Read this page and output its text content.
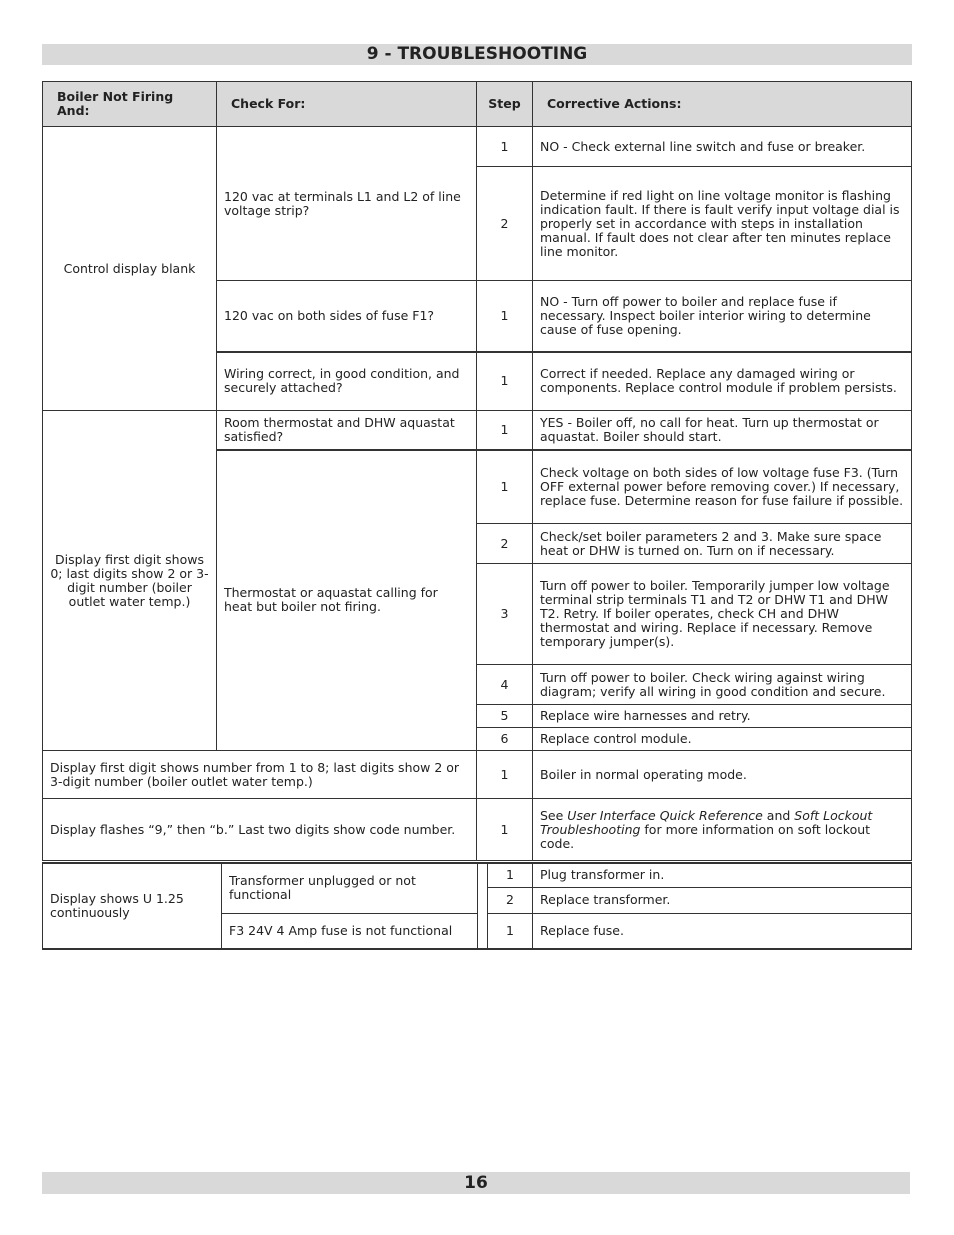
9 - TROUBLESHOOTING
Boiler Not Firing And:	Check For:	Step	Corrective Actions:
Control display blank	120 vac at terminals L1 and L2 of line voltage strip?	1	NO - Check external line switch and fuse or breaker.
		2	Determine if red light on line voltage monitor is flashing indication fault. If there is fault verify input voltage dial is properly set in accordance with steps in installation manual. If fault does not clear after ten minutes replace line monitor.
	120 vac on both sides of fuse F1?	1	NO - Turn off power to boiler and replace fuse if necessary. Inspect boiler interior wiring to determine cause of fuse opening.
	Wiring correct, in good condition, and securely attached?	1	Correct if needed. Replace any damaged wiring or components. Replace control module if problem persists.
Display first digit shows 0; last digits show 2 or 3-digit number (boiler outlet water temp.)	Room thermostat and DHW aquastat satisfied?	1	YES - Boiler off, no call for heat. Turn up thermostat or aquastat. Boiler should start.
	Thermostat or aquastat calling for heat but boiler not firing.	1	Check voltage on both sides of low voltage fuse F3. (Turn OFF external power before removing cover.) If necessary, replace fuse. Determine reason for fuse failure if possible.
		2	Check/set boiler parameters 2 and 3. Make sure space heat or DHW is turned on. Turn on if necessary.
		3	Turn off power to boiler. Temporarily jumper low voltage terminal strip terminals T1 and T2 or DHW T1 and DHW T2. Retry. If boiler operates, check CH and DHW thermostat and wiring. Replace if necessary. Remove temporary jumper(s).
		4	Turn off power to boiler. Check wiring against wiring diagram; verify all wiring in good condition and secure.
		5	Replace wire harnesses and retry.
		6	Replace control module.
Display first digit shows number from 1 to 8; last digits show 2 or 3-digit number (boiler outlet water temp.)		1	Boiler in normal operating mode.
Display flashes “9,” then “b.” Last two digits show code number.		1	See User Interface Quick Reference and Soft Lockout Troubleshooting for more information on soft lockout code.
Display shows U 1.25 continuously	Transformer unplugged or not functional		1	Plug transformer in.
			2	Replace transformer.
	F3 24V 4 Amp fuse is not functional		1	Replace fuse.
16
